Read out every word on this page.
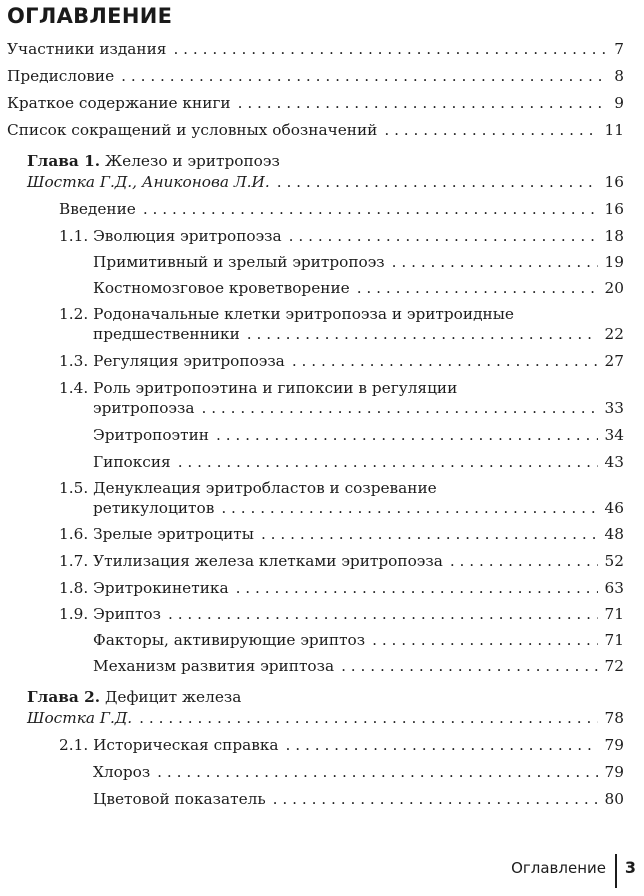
ОГЛАВЛЕНИЕ
Участники издания . . .	7
Предисловие . . .	8
Краткое содержание книги . . .	9
Список сокращений и условных обозначений . . .	11
Глава 1. Железо и эритропоэз
Шостка Г.Д., Аниконова Л.И. . . .	16
Введение . . .	16
1.1. Эволюция эритропоэза . . .	18
Примитивный и зрелый эритропоэз . . .	19
Костномозговое кроветворение . . .	20
1.2. Родоначальные клетки эритропоэза и эритроидные
предшественники . . .	22
1.3. Регуляция эритропоэза . . .	27
1.4. Роль эритропоэтина и гипоксии в регуляции
эритропоэза . . .	33
Эритропоэтин . . .	34
Гипоксия . . .	43
1.5. Денуклеация эритробластов и созревание
ретикулоцитов . . .	46
1.6. Зрелые эритроциты . . .	48
1.7. Утилизация железа клетками эритропоэза . . .	52
1.8. Эритрокинетика . . .	63
1.9. Эриптоз . . .	71
Факторы, активирующие эриптоз . . .	71
Механизм развития эриптоза . . .	72
Глава 2. Дефицит железа
Шостка Г.Д. . . .	78
2.1. Историческая справка . . .	79
Хлороз . . .	79
Цветовой показатель . . .	80
Оглавление 3
